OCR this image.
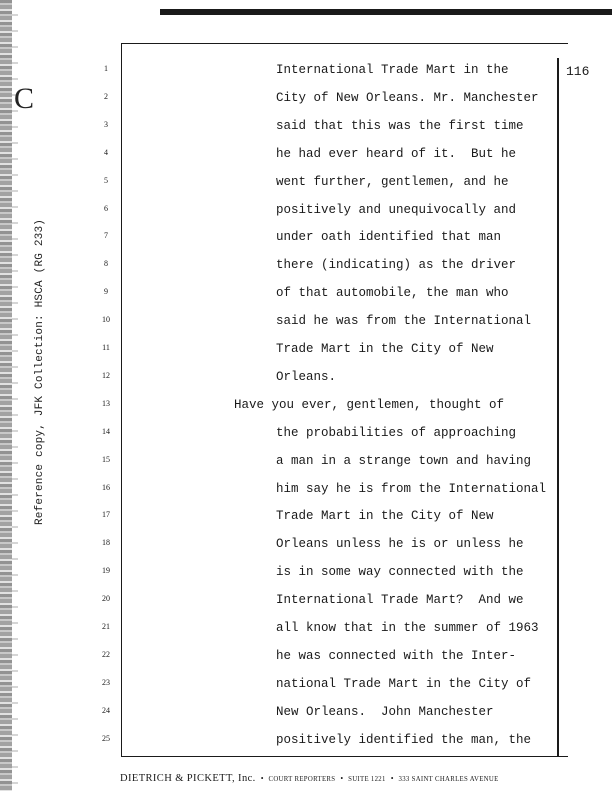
C
Reference copy, JFK Collection: HSCA (RG 233)
116
1	International Trade Mart in the
2	City of New Orleans. Mr. Manchester
3	said that this was the first time
4	he had ever heard of it.  But he
5	went further, gentlemen, and he
6	positively and unequivocally and
7	under oath identified that man
8	there (indicating) as the driver
9	of that automobile, the man who
10	said he was from the International
11	Trade Mart in the City of New
12	Orleans.
13	Have you ever, gentlemen, thought of
14	the probabilities of approaching
15	a man in a strange town and having
16	him say he is from the International
17	Trade Mart in the City of New
18	Orleans unless he is or unless he
19	is in some way connected with the
20	International Trade Mart?  And we
21	all know that in the summer of 1963
22	he was connected with the Inter-
23	national Trade Mart in the City of
24	New Orleans.  John Manchester
25	positively identified the man, the
DIETRICH & PICKETT, Inc. • COURT REPORTERS • SUITE 1221 • 333 SAINT CHARLES AVENUE
